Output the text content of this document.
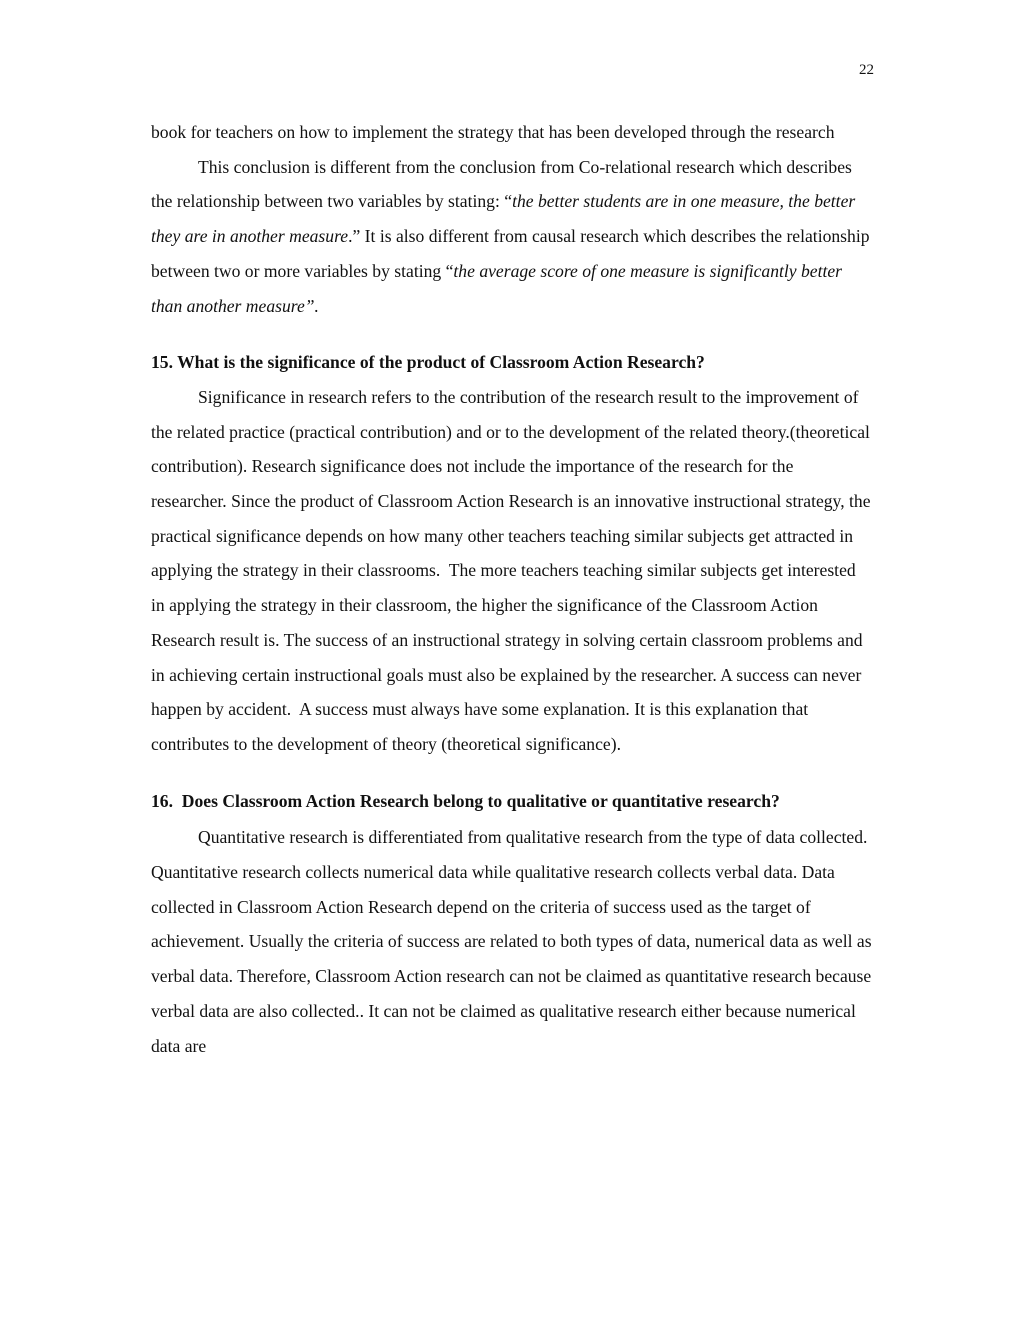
22

book for teachers on how to implement the strategy that has been developed through the research

This conclusion is different from the conclusion from Co-relational research which describes the relationship between two variables by stating: “the better students are in one measure, the better they are in another measure.” It is also different from causal research which describes the relationship between two or more variables by stating “the average score of one measure is significantly better than another measure”.

15. What is the significance of the product of Classroom Action Research?

Significance in research refers to the contribution of the research result to the improvement of the related practice (practical contribution) and or to the development of the related theory.(theoretical contribution). Research significance does not include the importance of the research for the researcher. Since the product of Classroom Action Research is an innovative instructional strategy, the practical significance depends on how many other teachers teaching similar subjects get attracted in applying the strategy in their classrooms.  The more teachers teaching similar subjects get interested in applying the strategy in their classroom, the higher the significance of the Classroom Action Research result is. The success of an instructional strategy in solving certain classroom problems and in achieving certain instructional goals must also be explained by the researcher. A success can never happen by accident.  A success must always have some explanation. It is this explanation that contributes to the development of theory (theoretical significance).

16.  Does Classroom Action Research belong to qualitative or quantitative research?

Quantitative research is differentiated from qualitative research from the type of data collected. Quantitative research collects numerical data while qualitative research collects verbal data. Data collected in Classroom Action Research depend on the criteria of success used as the target of achievement. Usually the criteria of success are related to both types of data, numerical data as well as verbal data. Therefore, Classroom Action research can not be claimed as quantitative research because verbal data are also collected.. It can not be claimed as qualitative research either because numerical data are
